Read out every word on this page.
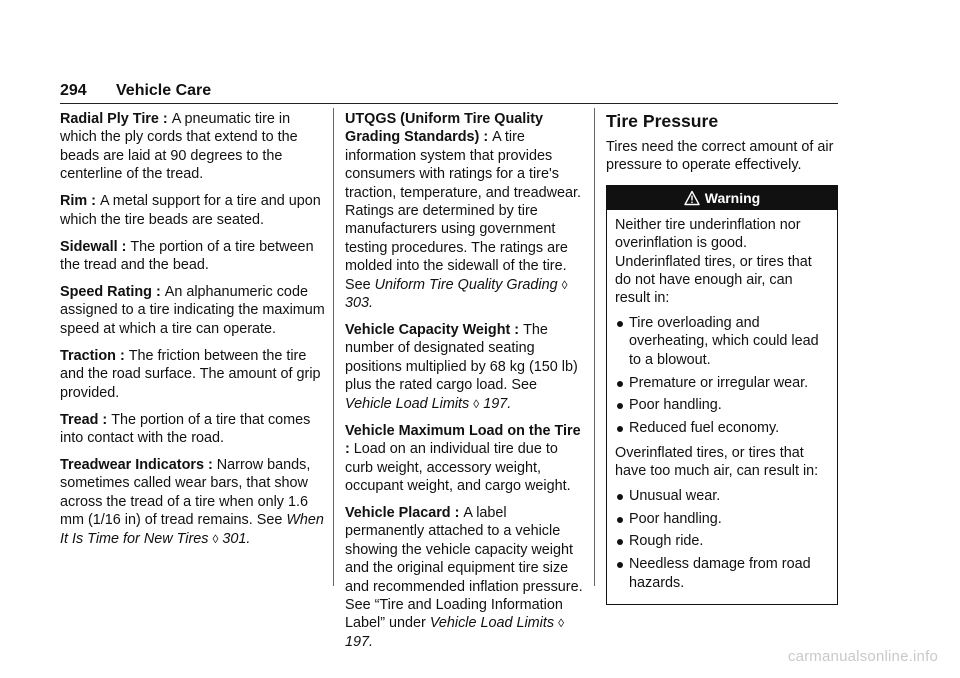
294 Vehicle Care

Radial Ply Tire : A pneumatic tire in which the ply cords that extend to the beads are laid at 90 degrees to the centerline of the tread.

Rim : A metal support for a tire and upon which the tire beads are seated.

Sidewall : The portion of a tire between the tread and the bead.

Speed Rating : An alphanumeric code assigned to a tire indicating the maximum speed at which a tire can operate.

Traction : The friction between the tire and the road surface. The amount of grip provided.

Tread : The portion of a tire that comes into contact with the road.

Treadwear Indicators : Narrow bands, sometimes called wear bars, that show across the tread of a tire when only 1.6 mm (1/16 in) of tread remains. See When It Is Time for New Tires ◊ 301.

UTQGS (Uniform Tire Quality Grading Standards) : A tire information system that provides consumers with ratings for a tire's traction, temperature, and treadwear. Ratings are determined by tire manufacturers using government testing procedures. The ratings are molded into the sidewall of the tire. See Uniform Tire Quality Grading ◊ 303.

Vehicle Capacity Weight : The number of designated seating positions multiplied by 68 kg (150 lb) plus the rated cargo load. See Vehicle Load Limits ◊ 197.

Vehicle Maximum Load on the Tire : Load on an individual tire due to curb weight, accessory weight, occupant weight, and cargo weight.

Vehicle Placard : A label permanently attached to a vehicle showing the vehicle capacity weight and the original equipment tire size and recommended inflation pressure. See “Tire and Loading Information Label” under Vehicle Load Limits ◊ 197.

Tire Pressure

Tires need the correct amount of air pressure to operate effectively.

Warning

Neither tire underinflation nor overinflation is good. Underinflated tires, or tires that do not have enough air, can result in:

Tire overloading and overheating, which could lead to a blowout.
Premature or irregular wear.
Poor handling.
Reduced fuel economy.

Overinflated tires, or tires that have too much air, can result in:

Unusual wear.
Poor handling.
Rough ride.
Needless damage from road hazards.
carmanualsonline.info
